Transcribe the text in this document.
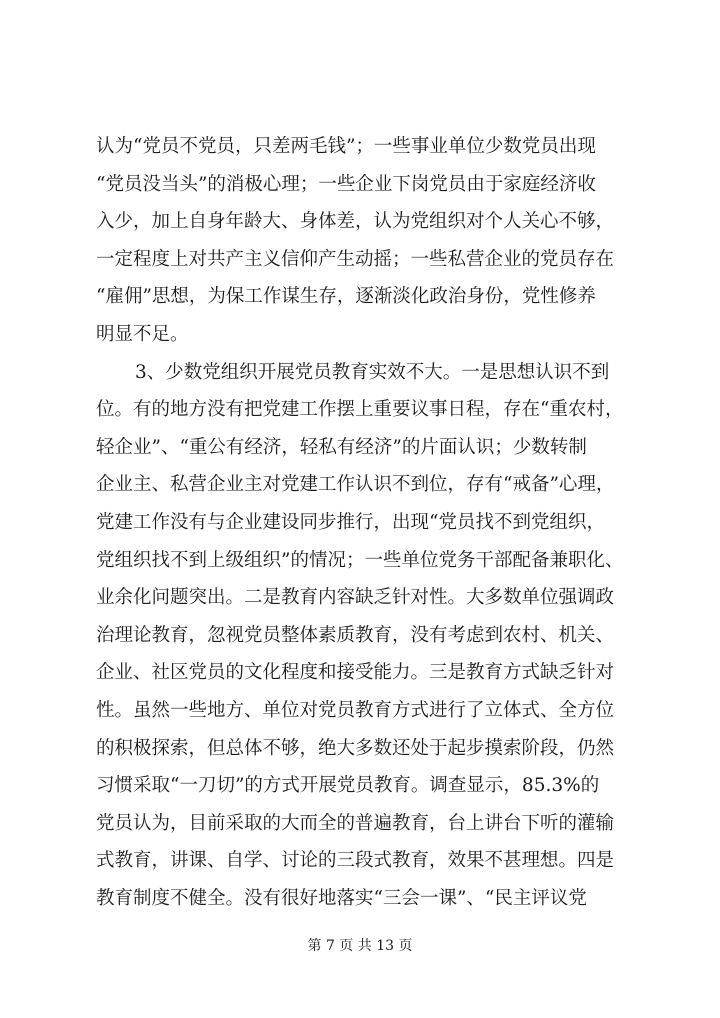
认为“党员不党员，只差两毛钱”；一些事业单位少数党员出现

“党员没当头”的消极心理；一些企业下岗党员由于家庭经济收

入少，加上自身年龄大、身体差，认为党组织对个人关心不够，

一定程度上对共产主义信仰产生动摇；一些私营企业的党员存在

“雇佣”思想，为保工作谋生存，逐渐淡化政治身份，党性修养

明显不足。

3、少数党组织开展党员教育实效不大。一是思想认识不到

位。有的地方没有把党建工作摆上重要议事日程，存在“重农村，

轻企业”、“重公有经济，轻私有经济”的片面认识；少数转制

企业主、私营企业主对党建工作认识不到位，存有“戒备”心理，

党建工作没有与企业建设同步推行，出现“党员找不到党组织，

党组织找不到上级组织”的情况；一些单位党务干部配备兼职化、

业余化问题突出。二是教育内容缺乏针对性。大多数单位强调政

治理论教育，忽视党员整体素质教育，没有考虑到农村、机关、

企业、社区党员的文化程度和接受能力。三是教育方式缺乏针对

性。虽然一些地方、单位对党员教育方式进行了立体式、全方位

的积极探索，但总体不够，绝大多数还处于起步摸索阶段，仍然

习惯采取“一刀切”的方式开展党员教育。调查显示，85.3%的

党员认为，目前采取的大而全的普遍教育，台上讲台下听的灌输

式教育，讲课、自学、讨论的三段式教育，效果不甚理想。四是

教育制度不健全。没有很好地落实“三会一课”、“民主评议党

第 7 页 共 13 页
